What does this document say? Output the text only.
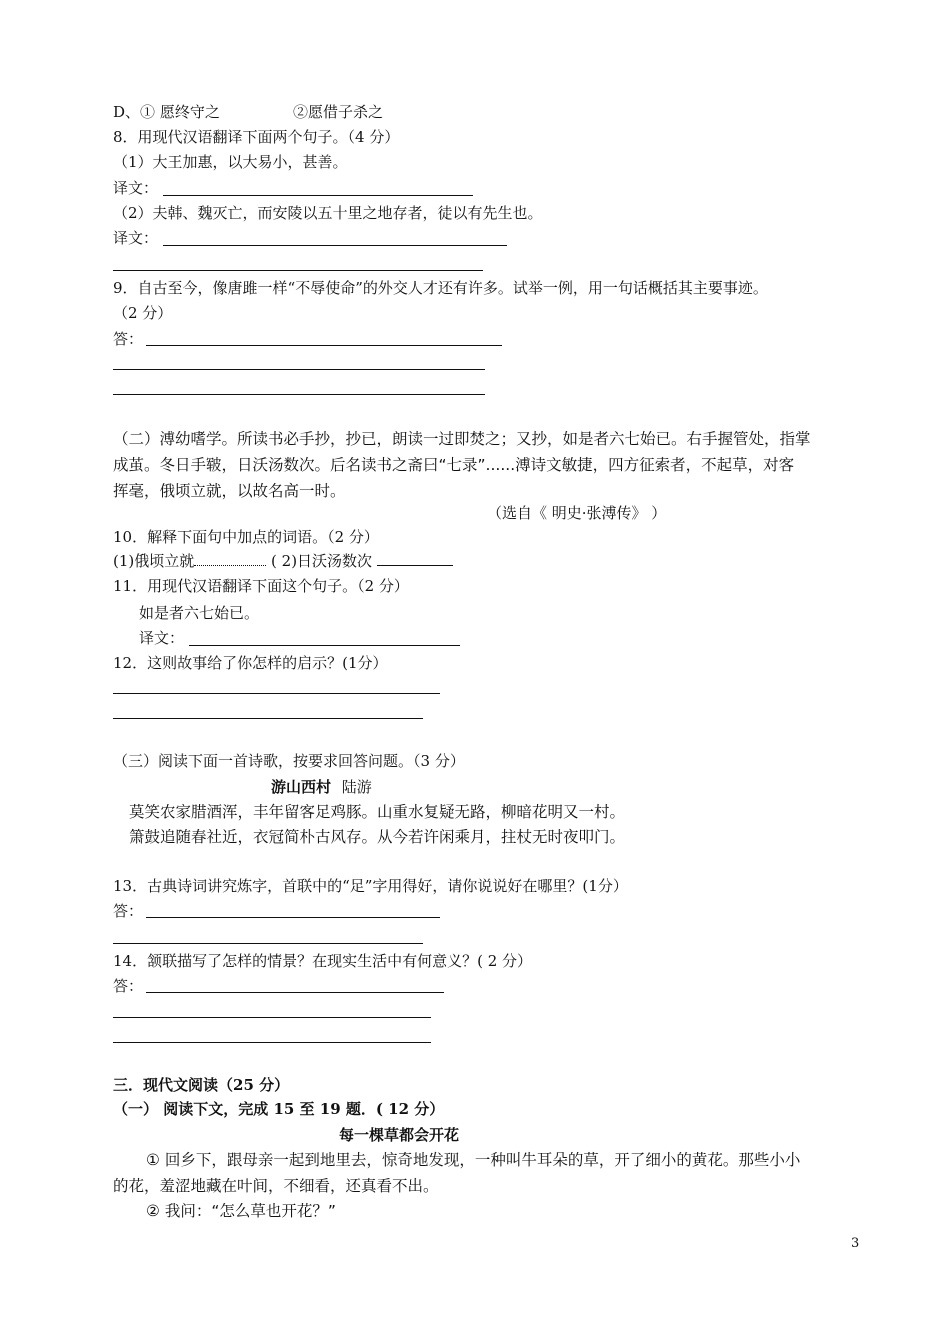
D、① 愿终守之	②愿借子杀之
8．用现代汉语翻译下面两个句子。（4 分）
（1）大王加惠，以大易小，甚善。
译文：
（2）夫韩、魏灭亡，而安陵以五十里之地存者，徒以有先生也。
译文：
9．自古至今，像唐雎一样“不辱使命”的外交人才还有许多。试举一例，用一句话概括其主要事迹。
（2 分）
答：
（二）溥幼嗜学。所读书必手抄，抄已，朗读一过即焚之；又抄，如是者六七始已。右手握管处，指掌
成茧。冬日手皲，日沃汤数次。后名读书之斋曰“七录”......溥诗文敏捷，四方征索者，不起草，对客
挥毫，俄顷立就，以故名高一时。
（选自《 明史·张溥传》 ）
10．解释下面句中加点的词语。（2 分）
(1)俄顷立就	( 2)日沃汤数次
11．用现代汉语翻译下面这个句子。（2 分）
如是者六七始已。
译文：
12．这则故事给了你怎样的启示？(1分）
（三）阅读下面一首诗歌，按要求回答问题。（3 分）
游山西村 陆游
莫笑农家腊酒浑，丰年留客足鸡豚。山重水复疑无路，柳暗花明又一村。
箫鼓追随春社近，衣冠简朴古风存。从今若许闲乘月，拄杖无时夜叩门。
13．古典诗词讲究炼字，首联中的“足”字用得好，请你说说好在哪里？(1分）
答：
14．颔联描写了怎样的情景？在现实生活中有何意义？( 2 分）
答：
三．现代文阅读（25 分）
（一） 阅读下文，完成 15 至 19 题．( 12 分）
每一棵草都会开花
① 回乡下，跟母亲一起到地里去，惊奇地发现，一种叫牛耳朵的草，开了细小的黄花。那些小小
的花，羞涩地藏在叶间，不细看，还真看不出。
② 我问：“怎么草也开花？”
3
